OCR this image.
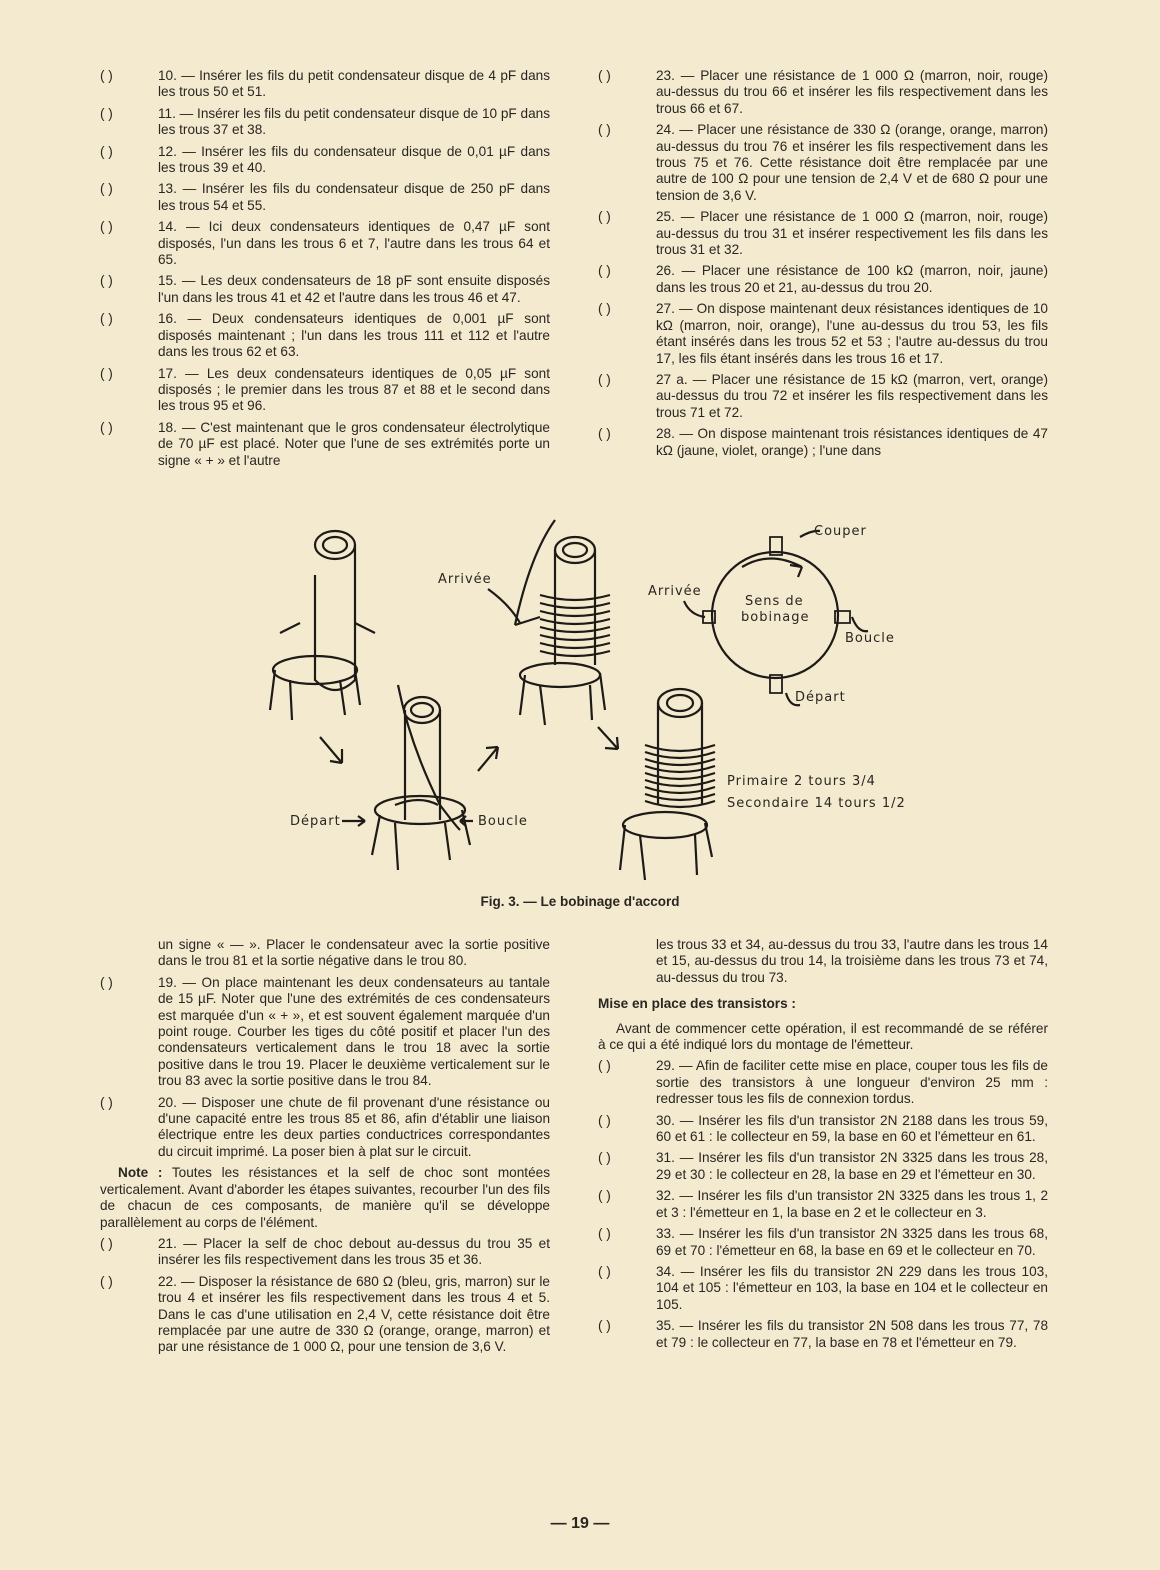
( )	10. — Insérer les fils du petit condensateur disque de 4 pF dans les trous 50 et 51.
( )	11. — Insérer les fils du petit condensateur disque de 10 pF dans les trous 37 et 38.
( )	12. — Insérer les fils du condensateur disque de 0,01 µF dans les trous 39 et 40.
( )	13. — Insérer les fils du condensateur disque de 250 pF dans les trous 54 et 55.
( )	14. — Ici deux condensateurs identiques de 0,47 µF sont disposés, l'un dans les trous 6 et 7, l'autre dans les trous 64 et 65.
( )	15. — Les deux condensateurs de 18 pF sont ensuite disposés l'un dans les trous 41 et 42 et l'autre dans les trous 46 et 47.
( )	16. — Deux condensateurs identiques de 0,001 µF sont disposés maintenant ; l'un dans les trous 111 et 112 et l'autre dans les trous 62 et 63.
( )	17. — Les deux condensateurs identiques de 0,05 µF sont disposés ; le premier dans les trous 87 et 88 et le second dans les trous 95 et 96.
( )	18. — C'est maintenant que le gros condensateur électrolytique de 70 µF est placé. Noter que l'une de ses extrémités porte un signe « + » et l'autre
( )	23. — Placer une résistance de 1 000 Ω (marron, noir, rouge) au-dessus du trou 66 et insérer les fils respectivement dans les trous 66 et 67.
( )	24. — Placer une résistance de 330 Ω (orange, orange, marron) au-dessus du trou 76 et insérer les fils respectivement dans les trous 75 et 76. Cette résistance doit être remplacée par une autre de 100 Ω pour une tension de 2,4 V et de 680 Ω pour une tension de 3,6 V.
( )	25. — Placer une résistance de 1 000 Ω (marron, noir, rouge) au-dessus du trou 31 et insérer respectivement les fils dans les trous 31 et 32.
( )	26. — Placer une résistance de 100 kΩ (marron, noir, jaune) dans les trous 20 et 21, au-dessus du trou 20.
( )	27. — On dispose maintenant deux résistances identiques de 10 kΩ (marron, noir, orange), l'une au-dessus du trou 53, les fils étant insérés dans les trous 52 et 53 ; l'autre au-dessus du trou 17, les fils étant insérés dans les trous 16 et 17.
( )	27 a. — Placer une résistance de 15 kΩ (marron, vert, orange) au-dessus du trou 72 et insérer les fils respectivement dans les trous 71 et 72.
( )	28. — On dispose maintenant trois résistances identiques de 47 kΩ (jaune, violet, orange) ; l'une dans
Arrivée
Départ	Boucle
Couper
Arrivée
Boucle
Départ
Sens de
bobinage
Primaire 2 tours 3/4
Secondaire 14 tours 1/2
Fig. 3. — Le bobinage d'accord
un signe « — ». Placer le condensateur avec la sortie positive dans le trou 81 et la sortie négative dans le trou 80.
( )	19. — On place maintenant les deux condensateurs au tantale de 15 µF. Noter que l'une des extrémités de ces condensateurs est marquée d'un « + », et est souvent également marquée d'un point rouge. Courber les tiges du côté positif et placer l'un des condensateurs verticalement dans le trou 18 avec la sortie positive dans le trou 19. Placer le deuxième verticalement sur le trou 83 avec la sortie positive dans le trou 84.
( )	20. — Disposer une chute de fil provenant d'une résistance ou d'une capacité entre les trous 85 et 86, afin d'établir une liaison électrique entre les deux parties conductrices correspondantes du circuit imprimé. La poser bien à plat sur le circuit.
Note : Toutes les résistances et la self de choc sont montées verticalement. Avant d'aborder les étapes suivantes, recourber l'un des fils de chacun de ces composants, de manière qu'il se développe parallèlement au corps de l'élément.
( )	21. — Placer la self de choc debout au-dessus du trou 35 et insérer les fils respectivement dans les trous 35 et 36.
( )	22. — Disposer la résistance de 680 Ω (bleu, gris, marron) sur le trou 4 et insérer les fils respectivement dans les trous 4 et 5. Dans le cas d'une utilisation en 2,4 V, cette résistance doit être remplacée par une autre de 330 Ω (orange, orange, marron) et par une résistance de 1 000 Ω, pour une tension de 3,6 V.
les trous 33 et 34, au-dessus du trou 33, l'autre dans les trous 14 et 15, au-dessus du trou 14, la troisième dans les trous 73 et 74, au-dessus du trou 73.
Mise en place des transistors :
Avant de commencer cette opération, il est recommandé de se référer à ce qui a été indiqué lors du montage de l'émetteur.
( )	29. — Afin de faciliter cette mise en place, couper tous les fils de sortie des transistors à une longueur d'environ 25 mm : redresser tous les fils de connexion tordus.
( )	30. — Insérer les fils d'un transistor 2N 2188 dans les trous 59, 60 et 61 : le collecteur en 59, la base en 60 et l'émetteur en 61.
( )	31. — Insérer les fils d'un transistor 2N 3325 dans les trous 28, 29 et 30 : le collecteur en 28, la base en 29 et l'émetteur en 30.
( )	32. — Insérer les fils d'un transistor 2N 3325 dans les trous 1, 2 et 3 : l'émetteur en 1, la base en 2 et le collecteur en 3.
( )	33. — Insérer les fils d'un transistor 2N 3325 dans les trous 68, 69 et 70 : l'émetteur en 68, la base en 69 et le collecteur en 70.
( )	34. — Insérer les fils du transistor 2N 229 dans les trous 103, 104 et 105 : l'émetteur en 103, la base en 104 et le collecteur en 105.
( )	35. — Insérer les fils du transistor 2N 508 dans les trous 77, 78 et 79 : le collecteur en 77, la base en 78 et l'émetteur en 79.
— 19 —
